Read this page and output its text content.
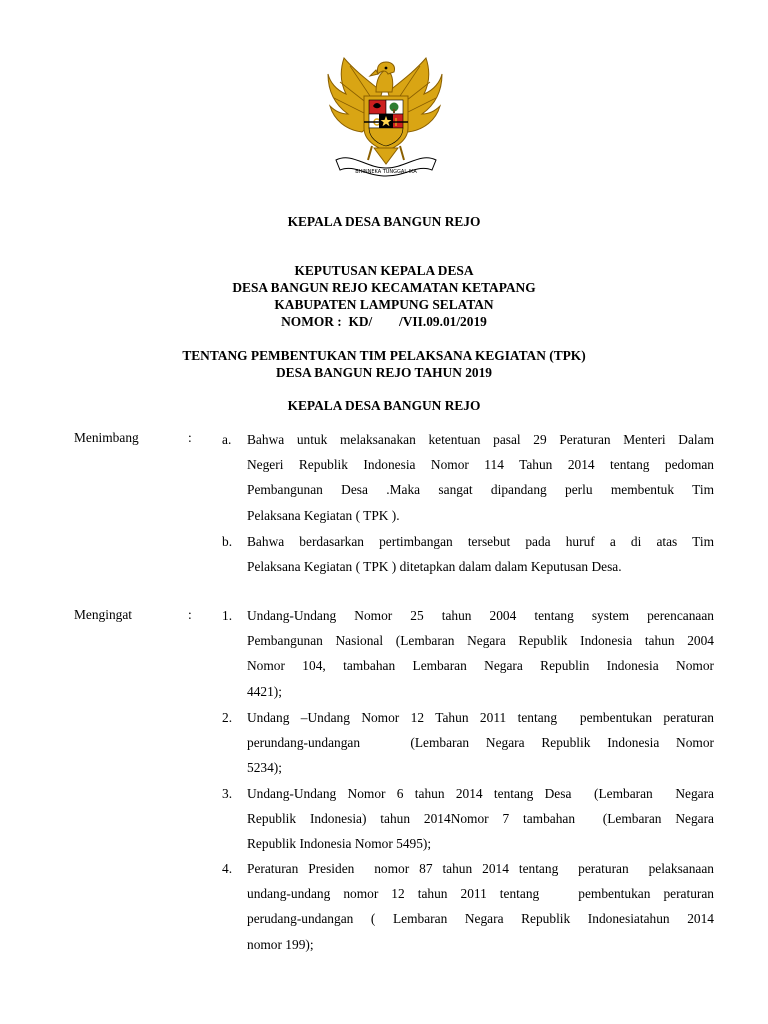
BHINNEKA TUNGGAL IKA
KEPALA DESA BANGUN REJO
KEPUTUSAN KEPALA DESA
DESA BANGUN REJO KECAMATAN KETAPANG
KABUPATEN LAMPUNG SELATAN
NOMOR :  KD/        /VII.09.01/2019
TENTANG PEMBENTUKAN TIM PELAKSANA KEGIATAN (TPK)
DESA BANGUN REJO TAHUN 2019
KEPALA DESA BANGUN REJO
Menimbang	: a. Bahwa untuk melaksanakan ketentuan pasal 29 Peraturan Menteri Dalam
Negeri Republik Indonesia Nomor 114 Tahun 2014 tentang pedoman
Pembangunan Desa .Maka sangat dipandang perlu membentuk Tim
Pelaksana Kegiatan ( TPK ).
b. Bahwa berdasarkan pertimbangan tersebut pada huruf a di atas Tim
Pelaksana Kegiatan ( TPK ) ditetapkan dalam dalam Keputusan Desa.
Mengingat	: 1. Undang-Undang Nomor 25 tahun 2004 tentang system perencanaan
Pembangunan Nasional (Lembaran Negara Republik Indonesia tahun 2004
Nomor 104, tambahan Lembaran Negara Republin Indonesia Nomor
4421);
2. Undang –Undang Nomor 12 Tahun 2011 tentang  pembentukan peraturan
perundang-undangan   (Lembaran Negara Republik Indonesia Nomor
5234);
3. Undang-Undang Nomor 6 tahun 2014 tentang Desa  (Lembaran  Negara
Republik Indonesia) tahun 2014Nomor 7 tambahan  (Lembaran Negara
Republik Indonesia Nomor 5495);
4. Peraturan Presiden  nomor 87 tahun 2014 tentang  peraturan  pelaksanaan
undang-undang nomor 12 tahun 2011 tentang   pembentukan peraturan
perudang-undangan ( Lembaran Negara Republik Indonesiatahun 2014
nomor 199);
